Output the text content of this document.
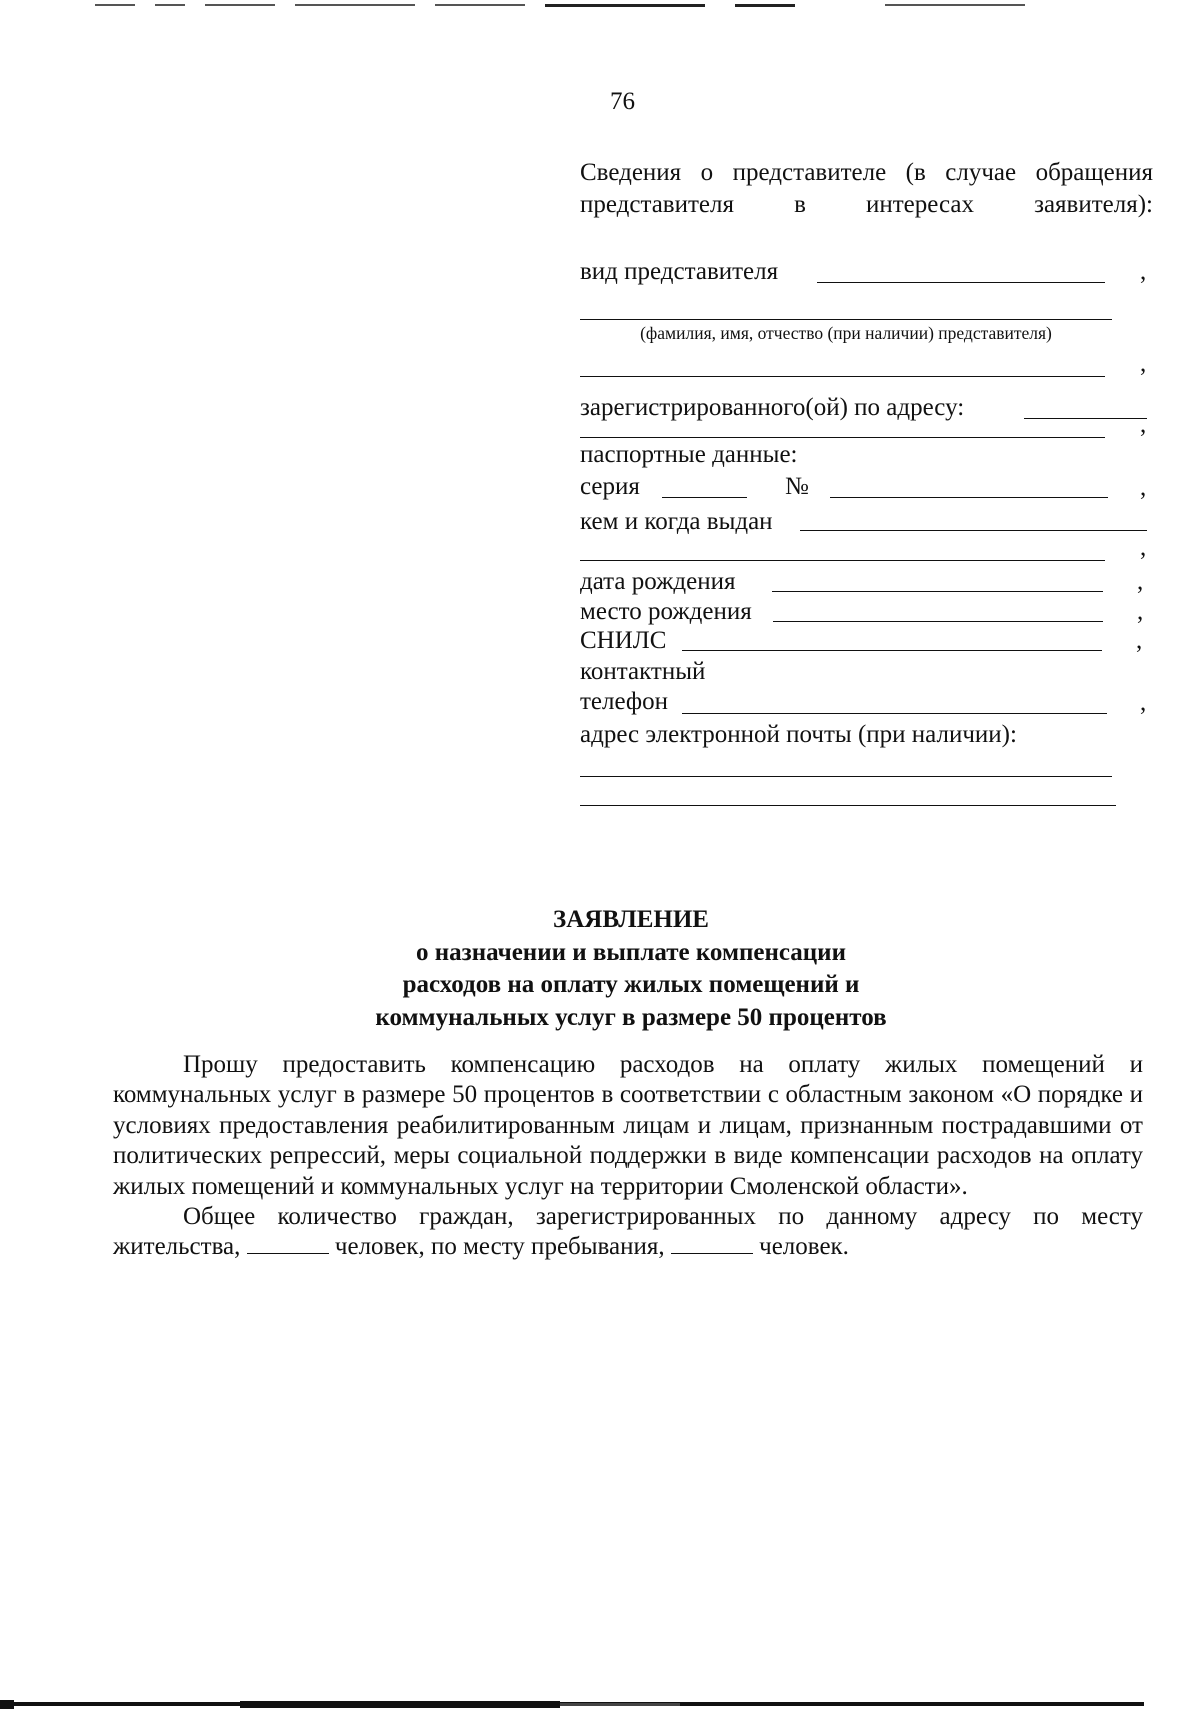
76
Сведения о представителе (в случае обращения представителя в интересах заявителя):
вид представителя	,
(фамилия, имя, отчество (при наличии) представителя)
,
зарегистрированного(ой) по адресу:
,
паспортные данные:
серия	№	,
кем и когда выдан
,
дата рождения	,
место рождения	,
СНИЛС	,
контактный
телефон	,
адрес электронной почты (при наличии):
ЗАЯВЛЕНИЕ
о назначении и выплате компенсации
расходов на оплату жилых помещений и
коммунальных услуг в размере 50 процентов

Прошу предоставить компенсацию расходов на оплату жилых помещений и коммунальных услуг в размере 50 процентов в соответствии с областным законом «О порядке и условиях предоставления реабилитированным лицам и лицам, признанным пострадавшими от политических репрессий, меры социальной поддержки в виде компенсации расходов на оплату жилых помещений и коммунальных услуг на территории Смоленской области».

Общее количество граждан, зарегистрированных по данному адресу по месту жительства,	человек, по месту пребывания,	человек.
